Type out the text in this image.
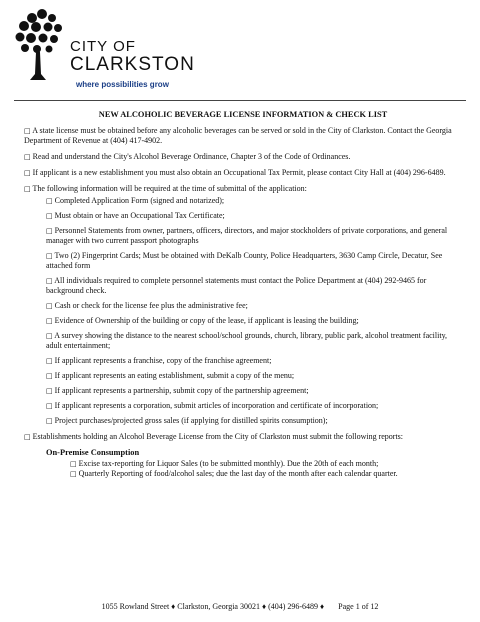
CITY OF
CLARKSTON
where possibilities grow
NEW ALCOHOLIC BEVERAGE LICENSE INFORMATION & CHECK LIST
□ A state license must be obtained before any alcoholic beverages can be served or sold in the City of Clarkston. Contact the Georgia Department of Revenue at (404) 417-4902.
□ Read and understand the City's Alcohol Beverage Ordinance, Chapter 3 of the Code of Ordinances.
□ If applicant is a new establishment you must also obtain an Occupational Tax Permit, please contact City Hall at (404) 296-6489.
□ The following information will be required at the time of submittal of the application:
□ Completed Application Form (signed and notarized);
□ Must obtain or have an Occupational Tax Certificate;
□ Personnel Statements from owner, partners, officers, directors, and major stockholders of private corporations, and general manager with two current passport photographs
□ Two (2) Fingerprint Cards; Must be obtained with DeKalb County, Police Headquarters, 3630 Camp Circle, Decatur, See attached form
□ All individuals required to complete personnel statements must contact the Police Department at (404) 292-9465 for background check.
□ Cash or check for the license fee plus the administrative fee;
□ Evidence of Ownership of the building or copy of the lease, if applicant is leasing the building;
□ A survey showing the distance to the nearest school/school grounds, church, library, public park, alcohol treatment facility, adult entertainment;
□ If applicant represents a franchise, copy of the franchise agreement;
□ If applicant represents an eating establishment, submit a copy of the menu;
□ If applicant represents a partnership, submit copy of the partnership agreement;
□ If applicant represents a corporation, submit articles of incorporation and certificate of incorporation;
□ Project purchases/projected gross sales (if applying for distilled spirits consumption);
□ Establishments holding an Alcohol Beverage License from the City of Clarkston must submit the following reports:
On-Premise Consumption
□ Excise tax-reporting for Liquor Sales (to be submitted monthly). Due the 20th of each month;
□ Quarterly Reporting of food/alcohol sales; due the last day of the month after each calendar quarter.
1055 Rowland Street ♦ Clarkston, Georgia 30021 ♦ (404) 296-6489 ♦ Page 1 of 12
